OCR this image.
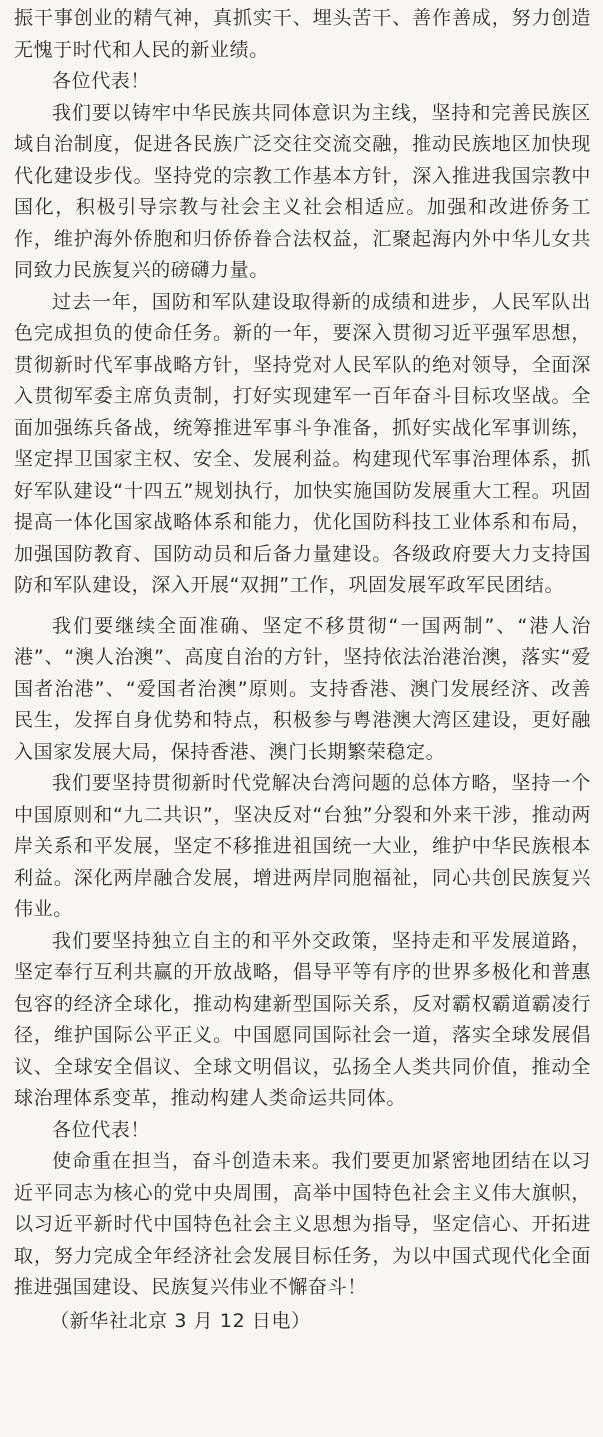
振干事创业的精气神，真抓实干、埋头苦干、善作善成，努力创造无愧于时代和人民的新业绩。

各位代表！

我们要以铸牢中华民族共同体意识为主线，坚持和完善民族区域自治制度，促进各民族广泛交往交流交融，推动民族地区加快现代化建设步伐。坚持党的宗教工作基本方针，深入推进我国宗教中国化，积极引导宗教与社会主义社会相适应。加强和改进侨务工作，维护海外侨胞和归侨侨眷合法权益，汇聚起海内外中华儿女共同致力民族复兴的磅礴力量。

过去一年，国防和军队建设取得新的成绩和进步，人民军队出色完成担负的使命任务。新的一年，要深入贯彻习近平强军思想，贯彻新时代军事战略方针，坚持党对人民军队的绝对领导，全面深入贯彻军委主席负责制，打好实现建军一百年奋斗目标攻坚战。全面加强练兵备战，统筹推进军事斗争准备，抓好实战化军事训练，坚定捍卫国家主权、安全、发展利益。构建现代军事治理体系，抓好军队建设“十四五”规划执行，加快实施国防发展重大工程。巩固提高一体化国家战略体系和能力，优化国防科技工业体系和布局，加强国防教育、国防动员和后备力量建设。各级政府要大力支持国防和军队建设，深入开展“双拥”工作，巩固发展军政军民团结。

我们要继续全面准确、坚定不移贯彻“一国两制”、“港人治港”、“澳人治澳”、高度自治的方针，坚持依法治港治澳，落实“爱国者治港”、“爱国者治澳”原则。支持香港、澳门发展经济、改善民生，发挥自身优势和特点，积极参与粤港澳大湾区建设，更好融入国家发展大局，保持香港、澳门长期繁荣稳定。

我们要坚持贯彻新时代党解决台湾问题的总体方略，坚持一个中国原则和“九二共识”，坚决反对“台独”分裂和外来干涉，推动两岸关系和平发展，坚定不移推进祖国统一大业，维护中华民族根本利益。深化两岸融合发展，增进两岸同胞福祉，同心共创民族复兴伟业。

我们要坚持独立自主的和平外交政策，坚持走和平发展道路，坚定奉行互利共赢的开放战略，倡导平等有序的世界多极化和普惠包容的经济全球化，推动构建新型国际关系，反对霸权霸道霸凌行径，维护国际公平正义。中国愿同国际社会一道，落实全球发展倡议、全球安全倡议、全球文明倡议，弘扬全人类共同价值，推动全球治理体系变革，推动构建人类命运共同体。

各位代表！

使命重在担当，奋斗创造未来。我们要更加紧密地团结在以习近平同志为核心的党中央周围，高举中国特色社会主义伟大旗帜，以习近平新时代中国特色社会主义思想为指导，坚定信心、开拓进取，努力完成全年经济社会发展目标任务，为以中国式现代化全面推进强国建设、民族复兴伟业不懈奋斗！

（新华社北京 3 月 12 日电）
